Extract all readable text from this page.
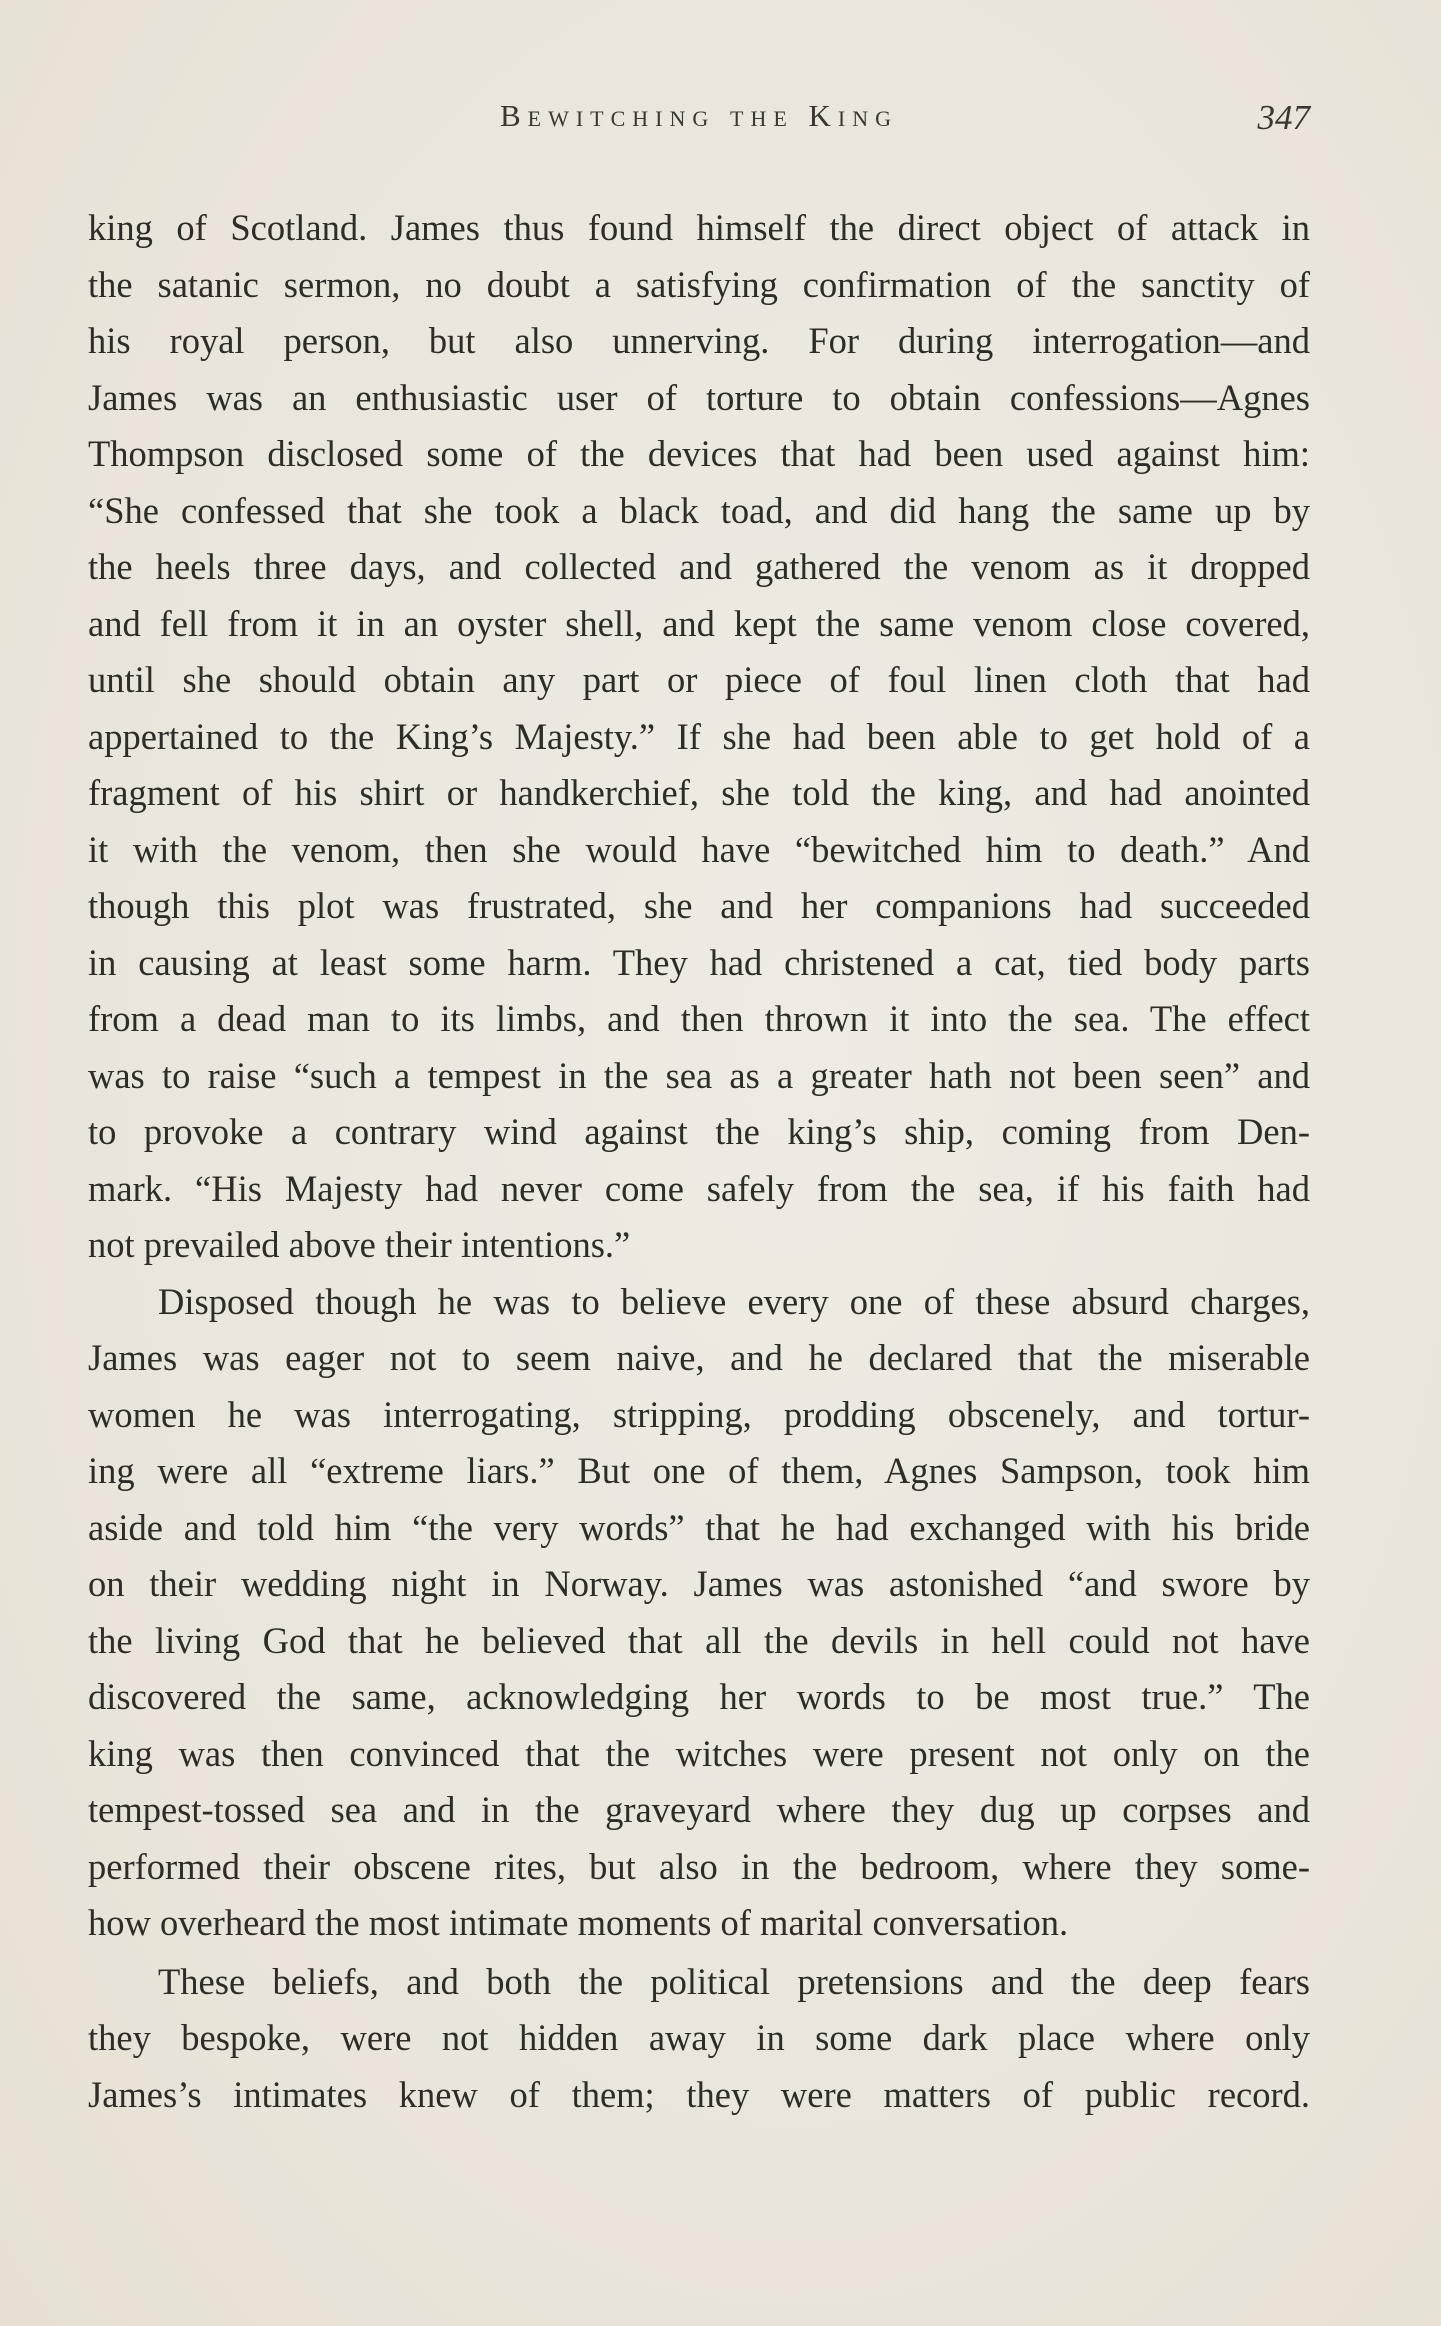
Bewitching the King	347
king of Scotland. James thus found himself the direct object of attack in
the satanic sermon, no doubt a satisfying confirmation of the sanctity of
his royal person, but also unnerving. For during interrogation—and
James was an enthusiastic user of torture to obtain confessions—Agnes
Thompson disclosed some of the devices that had been used against him:
“She confessed that she took a black toad, and did hang the same up by
the heels three days, and collected and gathered the venom as it dropped
and fell from it in an oyster shell, and kept the same venom close covered,
until she should obtain any part or piece of foul linen cloth that had
appertained to the King’s Majesty.” If she had been able to get hold of a
fragment of his shirt or handkerchief, she told the king, and had anointed
it with the venom, then she would have “bewitched him to death.” And
though this plot was frustrated, she and her companions had succeeded
in causing at least some harm. They had christened a cat, tied body parts
from a dead man to its limbs, and then thrown it into the sea. The effect
was to raise “such a tempest in the sea as a greater hath not been seen” and
to provoke a contrary wind against the king’s ship, coming from Den-
mark. “His Majesty had never come safely from the sea, if his faith had
not prevailed above their intentions.”
Disposed though he was to believe every one of these absurd charges,
James was eager not to seem naive, and he declared that the miserable
women he was interrogating, stripping, prodding obscenely, and tortur-
ing were all “extreme liars.” But one of them, Agnes Sampson, took him
aside and told him “the very words” that he had exchanged with his bride
on their wedding night in Norway. James was astonished “and swore by
the living God that he believed that all the devils in hell could not have
discovered the same, acknowledging her words to be most true.” The
king was then convinced that the witches were present not only on the
tempest-tossed sea and in the graveyard where they dug up corpses and
performed their obscene rites, but also in the bedroom, where they some-
how overheard the most intimate moments of marital conversation.
These beliefs, and both the political pretensions and the deep fears
they bespoke, were not hidden away in some dark place where only
James’s intimates knew of them; they were matters of public record.
